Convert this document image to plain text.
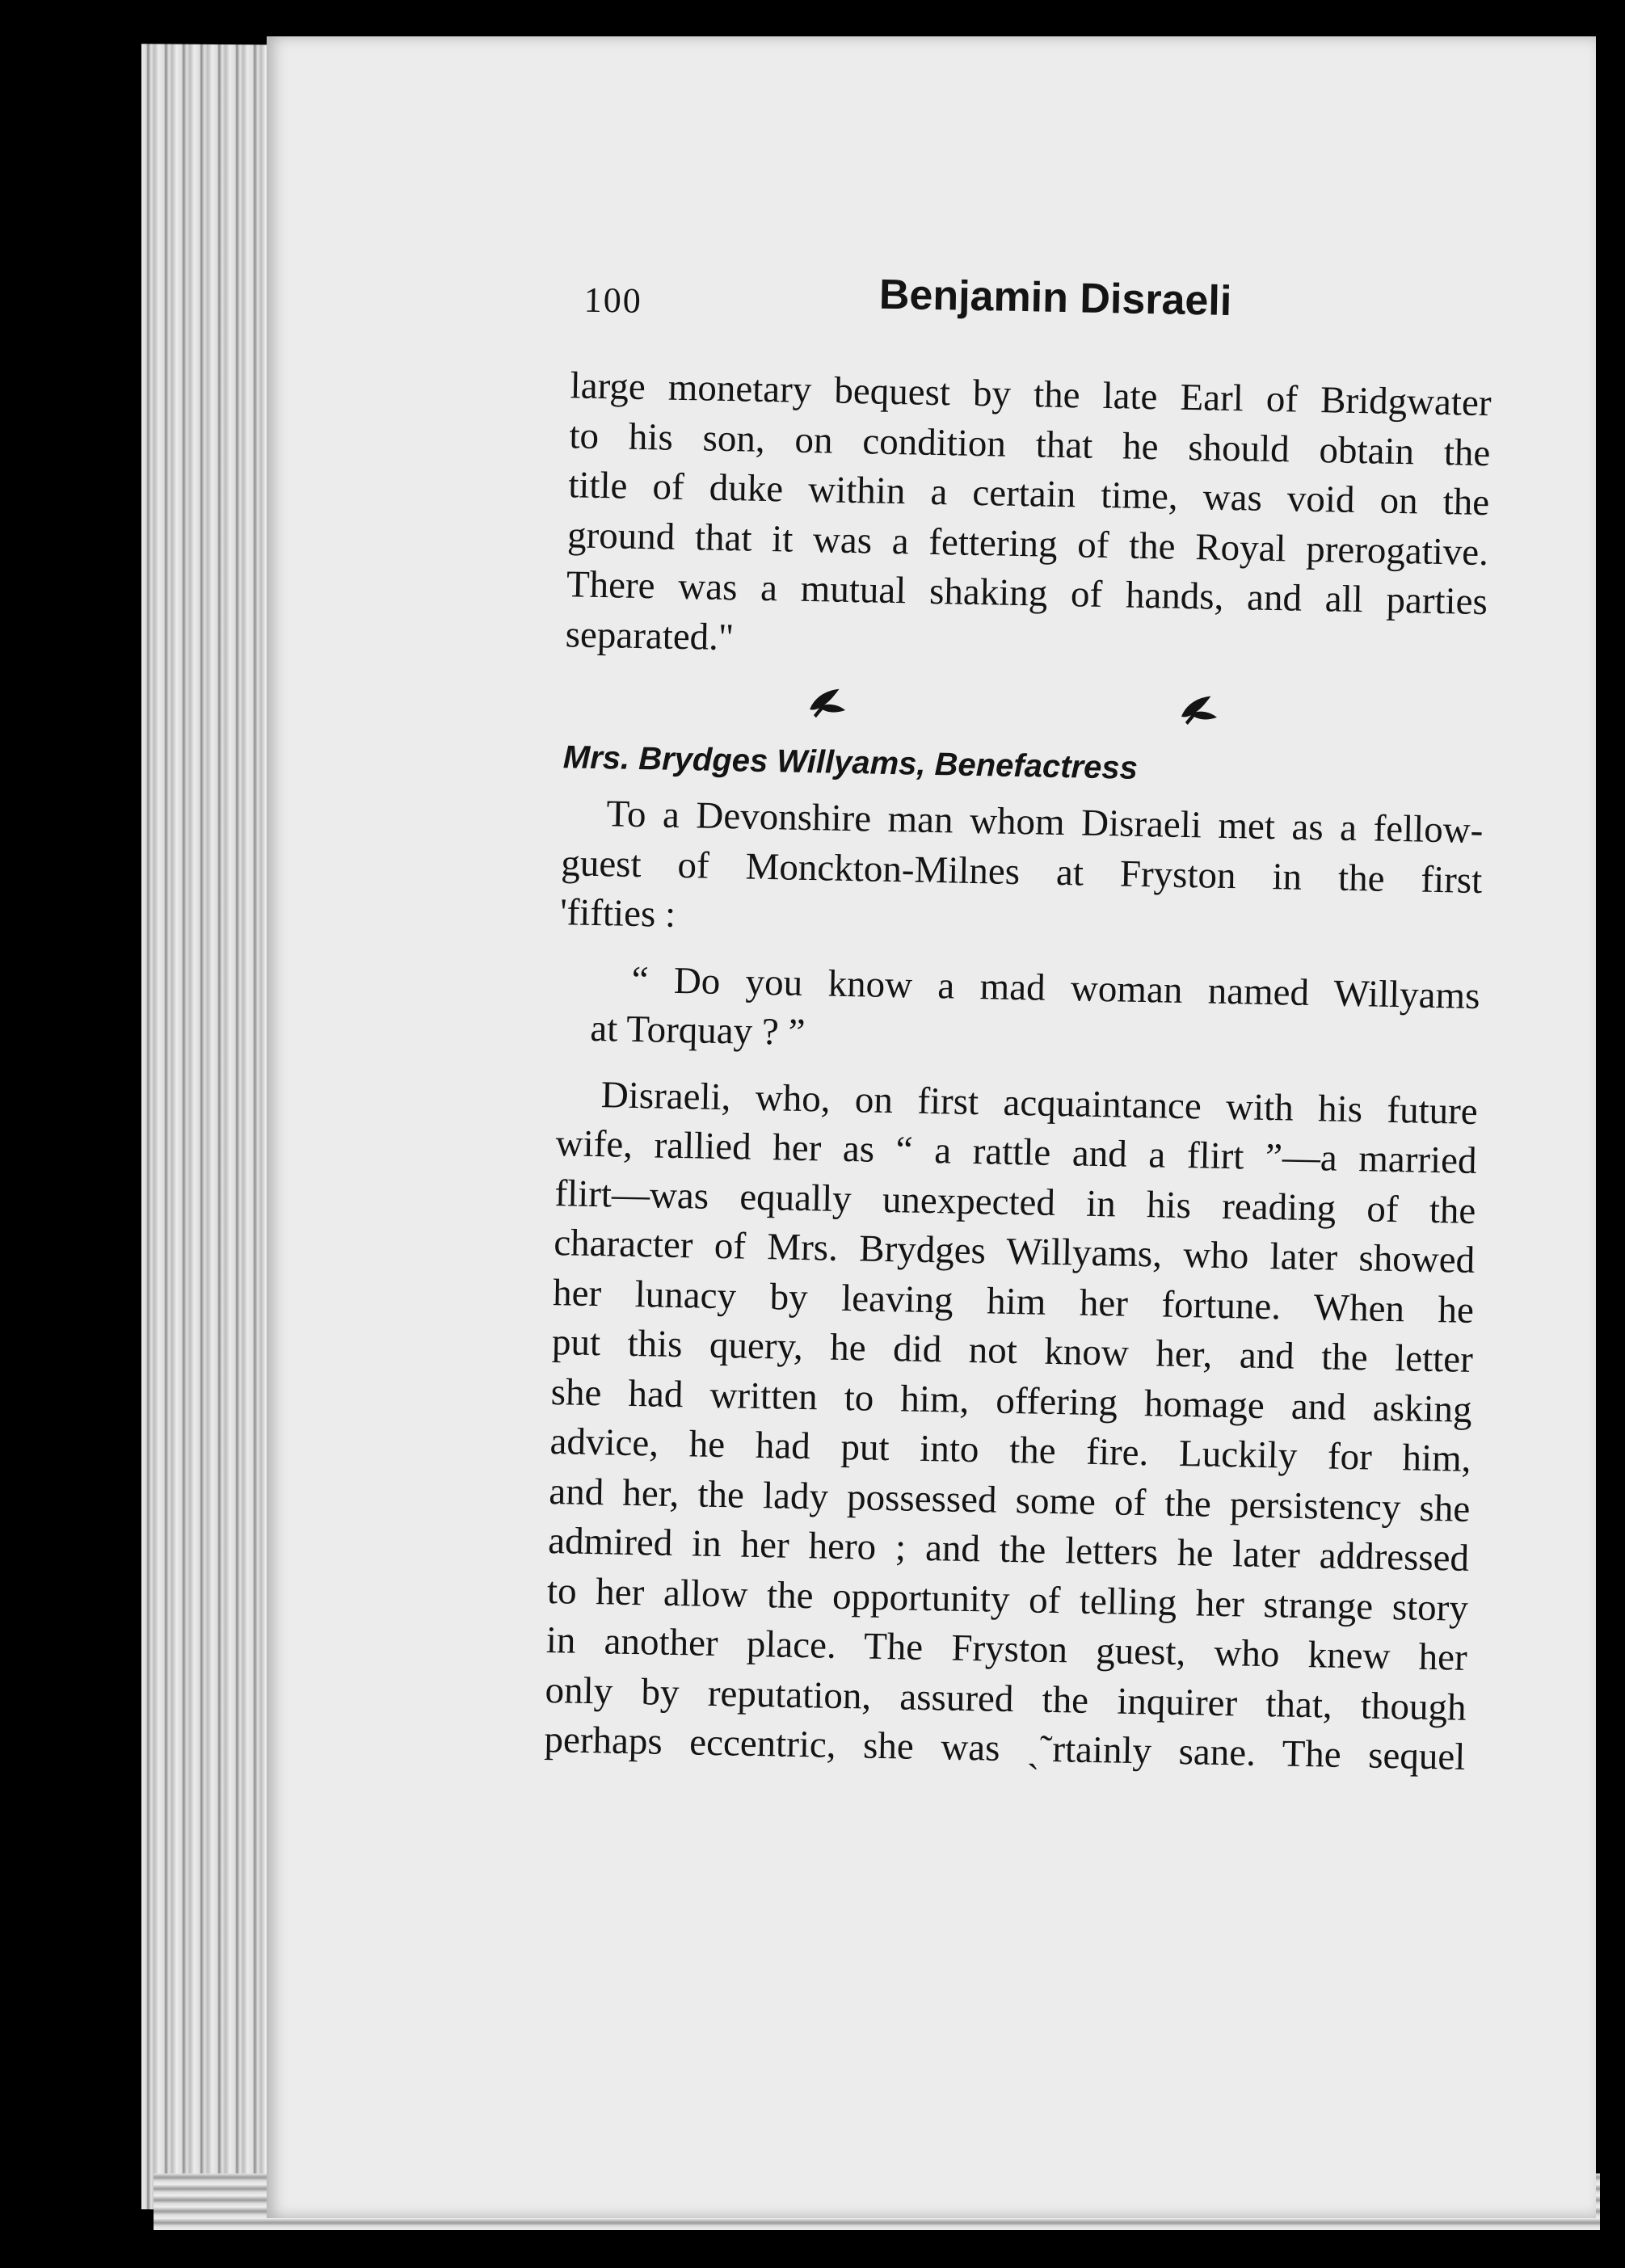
100	Benjamin Disraeli
large monetary bequest by the late Earl of Bridgwater
to his son, on condition that he should obtain the
title of duke within a certain time, was void on the
ground that it was a fettering of the Royal prerogative.
There was a mutual shaking of hands, and all parties
separated."
Mrs. Brydges Willyams, Benefactress
To a Devonshire man whom Disraeli met as a fellow-
guest of Monckton-Milnes at Fryston in the first
'fifties :
“ Do you know a mad woman named Willyams
at Torquay ? ”
Disraeli, who, on first acquaintance with his future
wife, rallied her as “ a rattle and a flirt ”—a married
flirt—was equally unexpected in his reading of the
character of Mrs. Brydges Willyams, who later showed
her lunacy by leaving him her fortune. When he
put this query, he did not know her, and the letter
she had written to him, offering homage and asking
advice, he had put into the fire. Luckily for him,
and her, the lady possessed some of the persistency she
admired in her hero ; and the letters he later addressed
to her allow the opportunity of telling her strange story
in another place. The Fryston guest, who knew her
only by reputation, assured the inquirer that, though
perhaps eccentric, she was ˎ˜rtainly sane. The sequel
